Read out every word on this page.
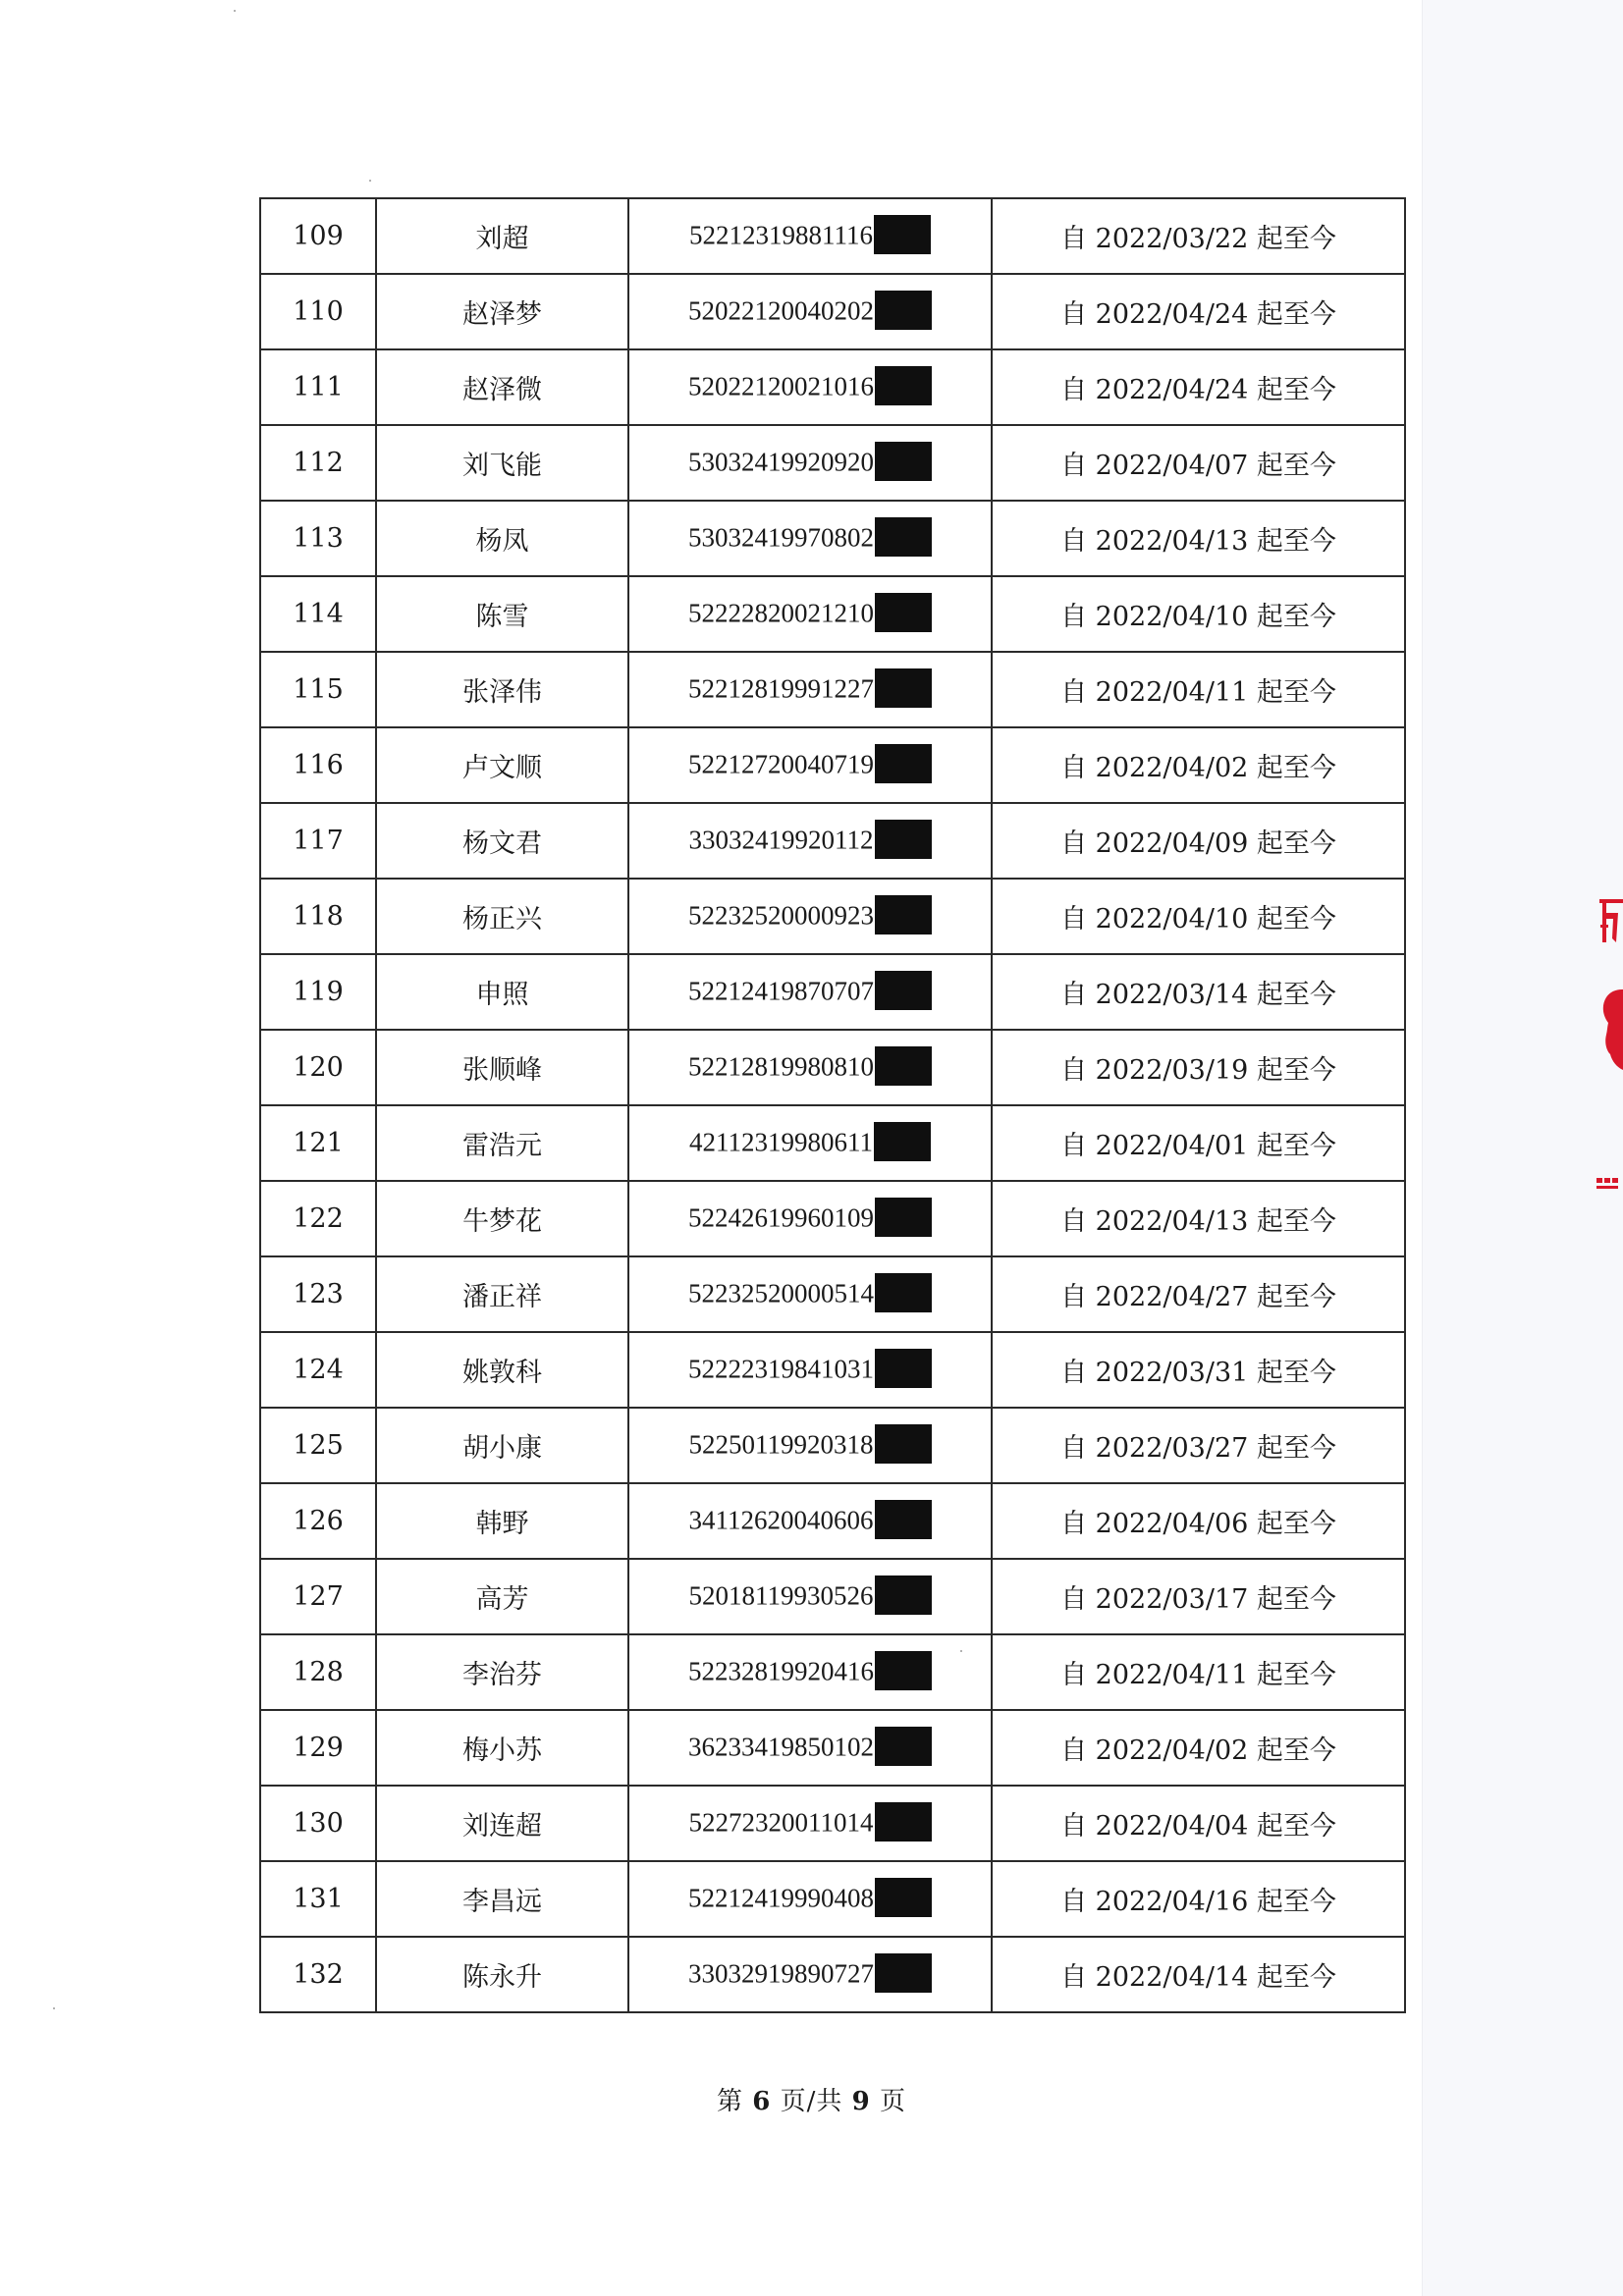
109	刘超	52212319881116	自 2022/03/22 起至今
110	赵泽梦	52022120040202	自 2022/04/24 起至今
111	赵泽微	52022120021016	自 2022/04/24 起至今
112	刘飞能	53032419920920	自 2022/04/07 起至今
113	杨凤	53032419970802	自 2022/04/13 起至今
114	陈雪	52222820021210	自 2022/04/10 起至今
115	张泽伟	52212819991227	自 2022/04/11 起至今
116	卢文顺	52212720040719	自 2022/04/02 起至今
117	杨文君	33032419920112	自 2022/04/09 起至今
118	杨正兴	52232520000923	自 2022/04/10 起至今
119	申照	52212419870707	自 2022/03/14 起至今
120	张顺峰	52212819980810	自 2022/03/19 起至今
121	雷浩元	42112319980611	自 2022/04/01 起至今
122	牛梦花	52242619960109	自 2022/04/13 起至今
123	潘正祥	52232520000514	自 2022/04/27 起至今
124	姚敦科	52222319841031	自 2022/03/31 起至今
125	胡小康	52250119920318	自 2022/03/27 起至今
126	韩野	34112620040606	自 2022/04/06 起至今
127	高芳	52018119930526	自 2022/03/17 起至今
128	李治芬	52232819920416	自 2022/04/11 起至今
129	梅小苏	36233419850102	自 2022/04/02 起至今
130	刘连超	52272320011014	自 2022/04/04 起至今
131	李昌远	52212419990408	自 2022/04/16 起至今
132	陈永升	33032919890727	自 2022/04/14 起至今
第 6 页/共 9 页
